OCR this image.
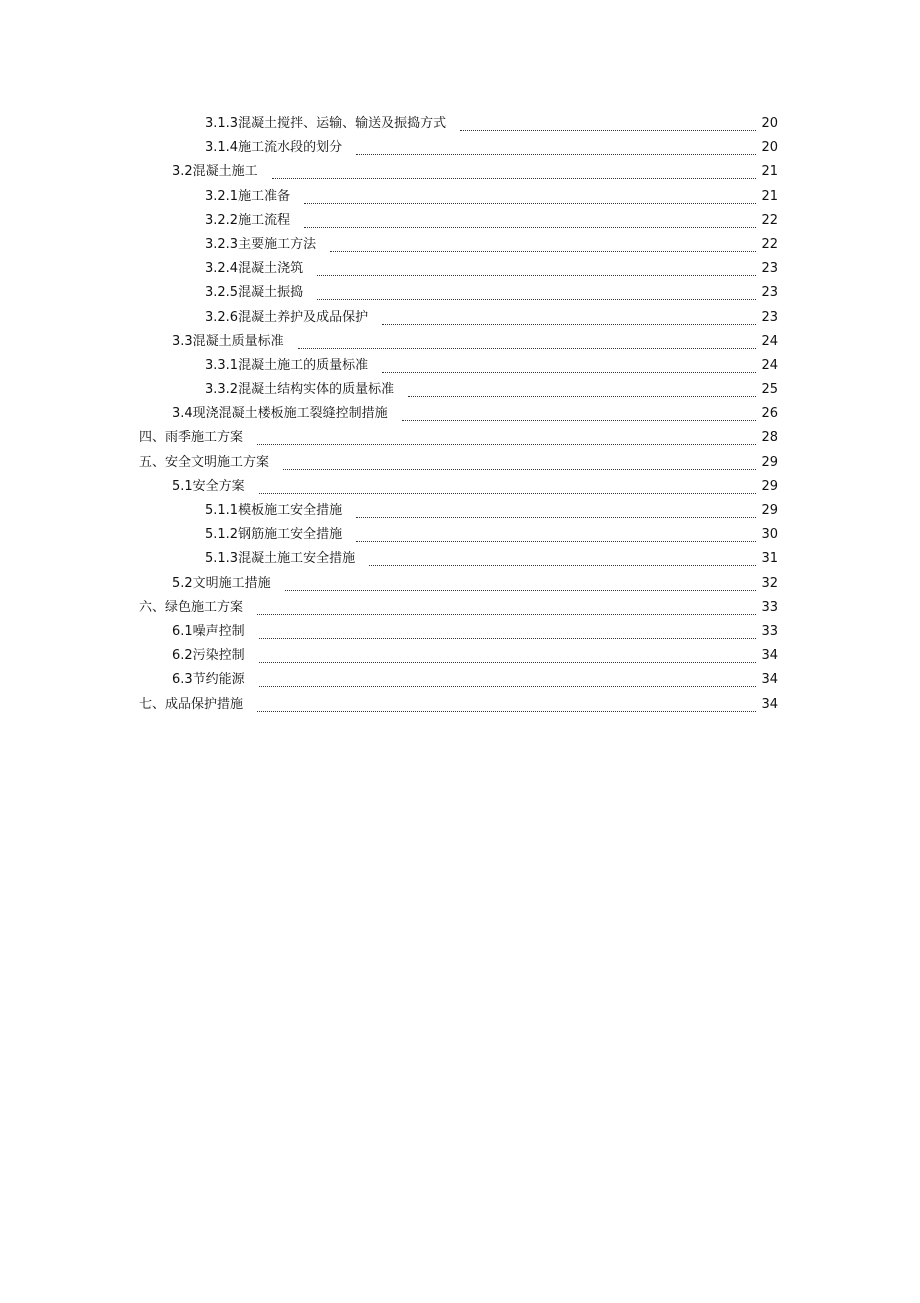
3.1.3混凝土搅拌、运输、输送及振捣方式	20
3.1.4施工流水段的划分	20
3.2混凝土施工	21
3.2.1施工准备	21
3.2.2施工流程	22
3.2.3主要施工方法	22
3.2.4混凝土浇筑	23
3.2.5混凝土振捣	23
3.2.6混凝土养护及成品保护	23
3.3混凝土质量标准	24
3.3.1混凝土施工的质量标准	24
3.3.2混凝土结构实体的质量标准	25
3.4现浇混凝土楼板施工裂缝控制措施	26
四、雨季施工方案	28
五、安全文明施工方案	29
5.1安全方案	29
5.1.1模板施工安全措施	29
5.1.2钢筋施工安全措施	30
5.1.3混凝土施工安全措施	31
5.2文明施工措施	32
六、绿色施工方案	33
6.1噪声控制	33
6.2污染控制	34
6.3节约能源	34
七、成品保护措施	34
